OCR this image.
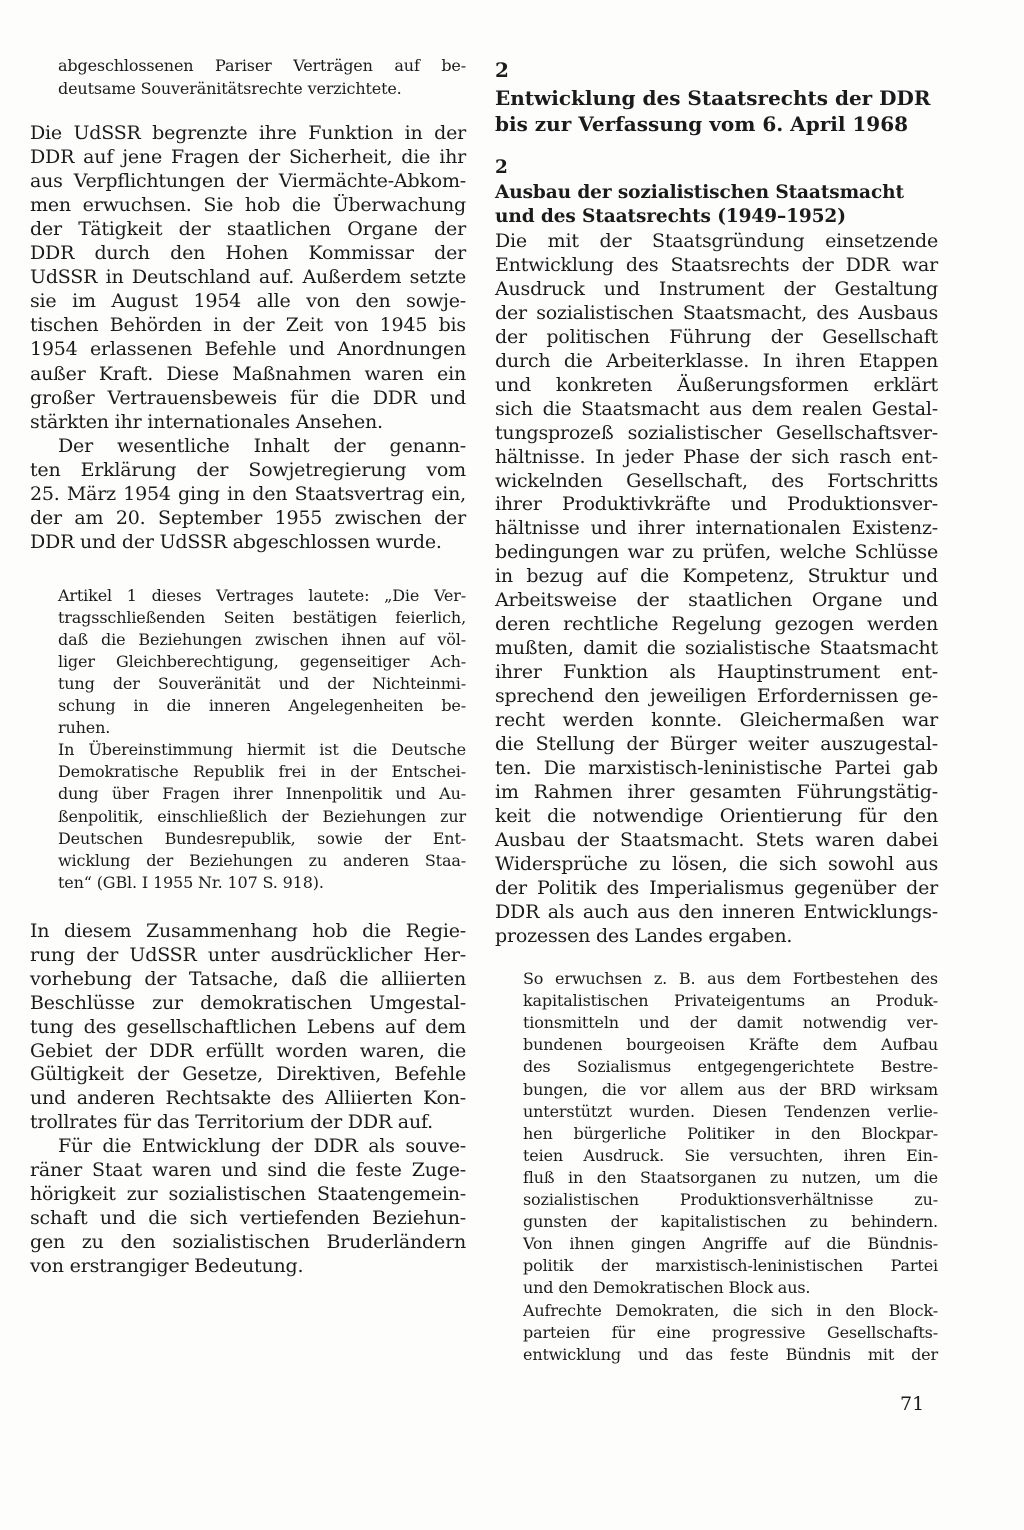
abgeschlossenen Pariser Verträgen auf be-
deutsame Souveränitätsrechte verzichtete.
Die UdSSR begrenzte ihre Funktion in der
DDR auf jene Fragen der Sicherheit, die ihr
aus Verpflichtungen der Viermächte-Abkom-
men erwuchsen. Sie hob die Überwachung
der Tätigkeit der staatlichen Organe der
DDR durch den Hohen Kommissar der
UdSSR in Deutschland auf. Außerdem setzte
sie im August 1954 alle von den sowje-
tischen Behörden in der Zeit von 1945 bis
1954 erlassenen Befehle und Anordnungen
außer Kraft. Diese Maßnahmen waren ein
großer Vertrauensbeweis für die DDR und
stärkten ihr internationales Ansehen.
Der wesentliche Inhalt der genann-
ten Erklärung der Sowjetregierung vom
25. März 1954 ging in den Staatsvertrag ein,
der am 20. September 1955 zwischen der
DDR und der UdSSR abgeschlossen wurde.
Artikel 1 dieses Vertrages lautete: „Die Ver-
tragsschließenden Seiten bestätigen feierlich,
daß die Beziehungen zwischen ihnen auf völ-
liger Gleichberechtigung, gegenseitiger Ach-
tung der Souveränität und der Nichteinmi-
schung in die inneren Angelegenheiten be-
ruhen.
In Übereinstimmung hiermit ist die Deutsche
Demokratische Republik frei in der Entschei-
dung über Fragen ihrer Innenpolitik und Au-
ßenpolitik, einschließlich der Beziehungen zur
Deutschen Bundesrepublik, sowie der Ent-
wicklung der Beziehungen zu anderen Staa-
ten“ (GBl. I 1955 Nr. 107 S. 918).
In diesem Zusammenhang hob die Regie-
rung der UdSSR unter ausdrücklicher Her-
vorhebung der Tatsache, daß die alliierten
Beschlüsse zur demokratischen Umgestal-
tung des gesellschaftlichen Lebens auf dem
Gebiet der DDR erfüllt worden waren, die
Gültigkeit der Gesetze, Direktiven, Befehle
und anderen Rechtsakte des Alliierten Kon-
trollrates für das Territorium der DDR auf.
Für die Entwicklung der DDR als souve-
räner Staat waren und sind die feste Zuge-
hörigkeit zur sozialistischen Staatengemein-
schaft und die sich vertiefenden Beziehun-
gen zu den sozialistischen Bruderländern
von erstrangiger Bedeutung.
2
Entwicklung des Staatsrechts der DDR
bis zur Verfassung vom 6. April 1968
2
Ausbau der sozialistischen Staatsmacht
und des Staatsrechts (1949–1952)
Die mit der Staatsgründung einsetzende
Entwicklung des Staatsrechts der DDR war
Ausdruck und Instrument der Gestaltung
der sozialistischen Staatsmacht, des Ausbaus
der politischen Führung der Gesellschaft
durch die Arbeiterklasse. In ihren Etappen
und konkreten Äußerungsformen erklärt
sich die Staatsmacht aus dem realen Gestal-
tungsprozeß sozialistischer Gesellschaftsver-
hältnisse. In jeder Phase der sich rasch ent-
wickelnden Gesellschaft, des Fortschritts
ihrer Produktivkräfte und Produktionsver-
hältnisse und ihrer internationalen Existenz-
bedingungen war zu prüfen, welche Schlüsse
in bezug auf die Kompetenz, Struktur und
Arbeitsweise der staatlichen Organe und
deren rechtliche Regelung gezogen werden
mußten, damit die sozialistische Staatsmacht
ihrer Funktion als Hauptinstrument ent-
sprechend den jeweiligen Erfordernissen ge-
recht werden konnte. Gleichermaßen war
die Stellung der Bürger weiter auszugestal-
ten. Die marxistisch-leninistische Partei gab
im Rahmen ihrer gesamten Führungstätig-
keit die notwendige Orientierung für den
Ausbau der Staatsmacht. Stets waren dabei
Widersprüche zu lösen, die sich sowohl aus
der Politik des Imperialismus gegenüber der
DDR als auch aus den inneren Entwicklungs-
prozessen des Landes ergaben.
So erwuchsen z. B. aus dem Fortbestehen des
kapitalistischen Privateigentums an Produk-
tionsmitteln und der damit notwendig ver-
bundenen bourgeoisen Kräfte dem Aufbau
des Sozialismus entgegengerichtete Bestre-
bungen, die vor allem aus der BRD wirksam
unterstützt wurden. Diesen Tendenzen verlie-
hen bürgerliche Politiker in den Blockpar-
teien Ausdruck. Sie versuchten, ihren Ein-
fluß in den Staatsorganen zu nutzen, um die
sozialistischen Produktionsverhältnisse zu-
gunsten der kapitalistischen zu behindern.
Von ihnen gingen Angriffe auf die Bündnis-
politik der marxistisch-leninistischen Partei
und den Demokratischen Block aus.
Aufrechte Demokraten, die sich in den Block-
parteien für eine progressive Gesellschafts-
entwicklung und das feste Bündnis mit der
71
